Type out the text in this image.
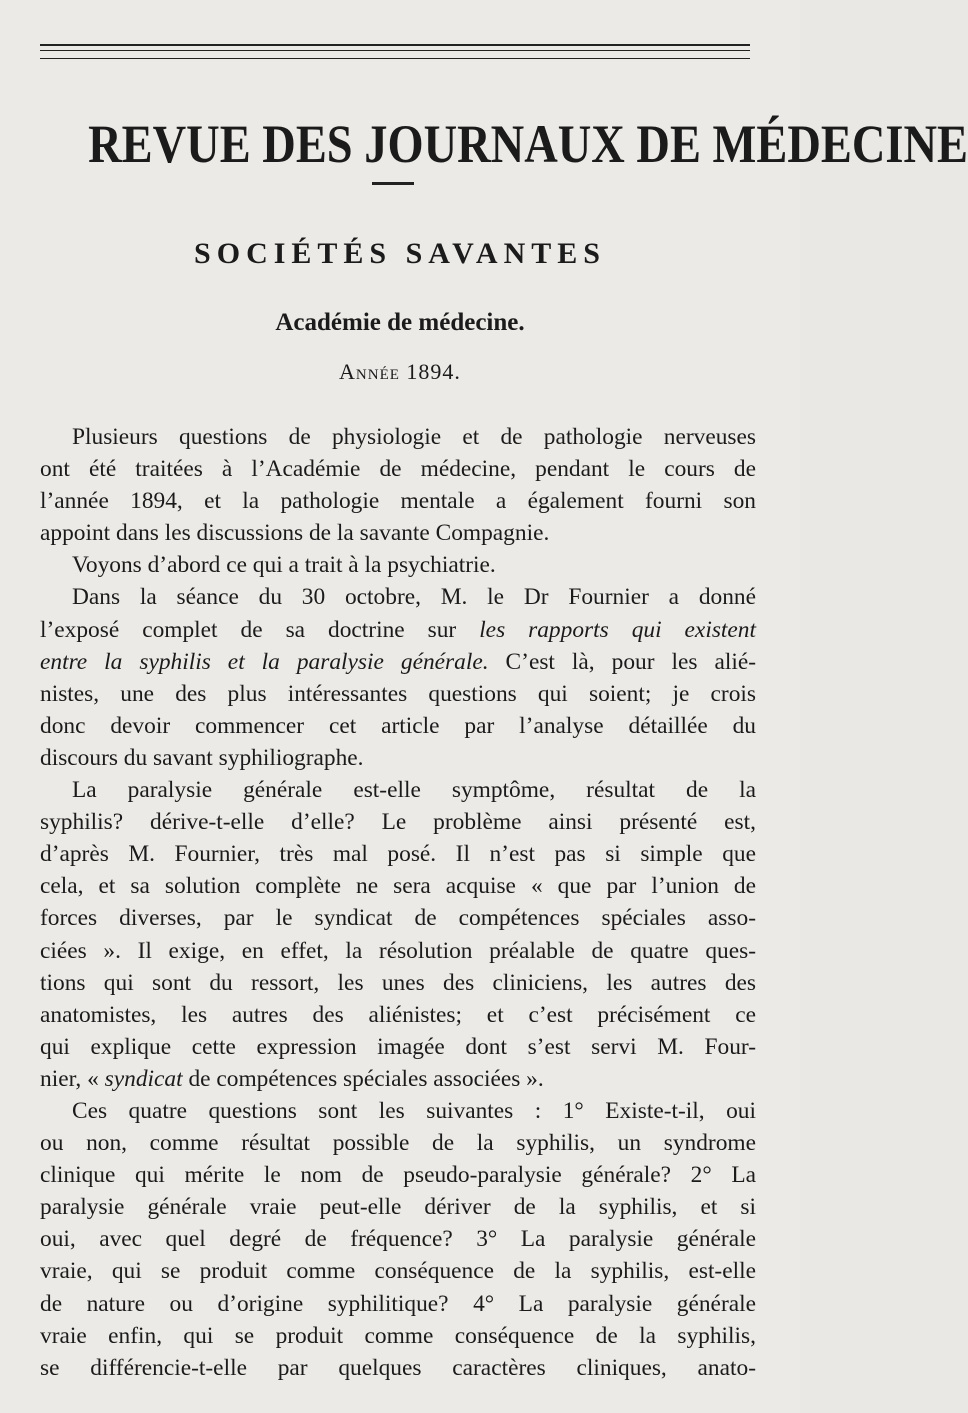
REVUE DES JOURNAUX DE MÉDECINE
SOCIÉTÉS SAVANTES
Académie de médecine.
Année 1894.
Plusieurs questions de physiologie et de pathologie nerveuses
ont été traitées à l’Académie de médecine, pendant le cours de
l’année 1894, et la pathologie mentale a également fourni son
appoint dans les discussions de la savante Compagnie.
Voyons d’abord ce qui a trait à la psychiatrie.
Dans la séance du 30 octobre, M. le Dr Fournier a donné
l’exposé complet de sa doctrine sur les rapports qui existent
entre la syphilis et la paralysie générale. C’est là, pour les alié-
nistes, une des plus intéressantes questions qui soient; je crois
donc devoir commencer cet article par l’analyse détaillée du
discours du savant syphiliographe.
La paralysie générale est-elle symptôme, résultat de la
syphilis? dérive-t-elle d’elle? Le problème ainsi présenté est,
d’après M. Fournier, très mal posé. Il n’est pas si simple que
cela, et sa solution complète ne sera acquise « que par l’union de
forces diverses, par le syndicat de compétences spéciales asso-
ciées ». Il exige, en effet, la résolution préalable de quatre ques-
tions qui sont du ressort, les unes des cliniciens, les autres des
anatomistes, les autres des aliénistes; et c’est précisément ce
qui explique cette expression imagée dont s’est servi M. Four-
nier, « syndicat de compétences spéciales associées ».
Ces quatre questions sont les suivantes : 1° Existe-t-il, oui
ou non, comme résultat possible de la syphilis, un syndrome
clinique qui mérite le nom de pseudo-paralysie générale? 2° La
paralysie générale vraie peut-elle dériver de la syphilis, et si
oui, avec quel degré de fréquence? 3° La paralysie générale
vraie, qui se produit comme conséquence de la syphilis, est-elle
de nature ou d’origine syphilitique? 4° La paralysie générale
vraie enfin, qui se produit comme conséquence de la syphilis,
se différencie-t-elle par quelques caractères cliniques, anato-
